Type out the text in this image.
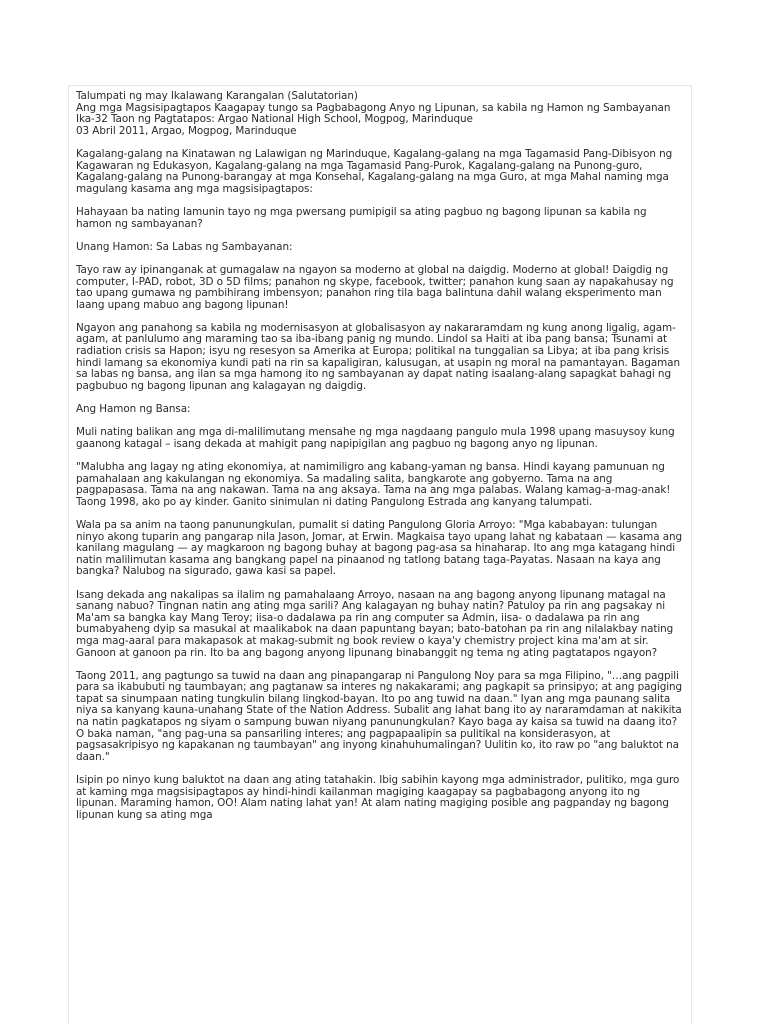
Talumpati ng may Ikalawang Karangalan (Salutatorian)
Ang mga Magsisipagtapos Kaagapay tungo sa Pagbabagong Anyo ng Lipunan, sa kabila ng Hamon ng Sambayanan
Ika-32 Taon ng Pagtatapos: Argao National High School, Mogpog, Marinduque
03 Abril 2011, Argao, Mogpog, Marinduque

Kagalang-galang na Kinatawan ng Lalawigan ng Marinduque, Kagalang-galang na mga Tagamasid Pang-Dibisyon ng Kagawaran ng Edukasyon, Kagalang-galang na mga Tagamasid Pang-Purok, Kagalang-galang na Punong-guro, Kagalang-galang na Punong-barangay at mga Konsehal, Kagalang-galang na mga Guro, at mga Mahal naming mga magulang kasama ang mga magsisipagtapos:

Hahayaan ba nating lamunin tayo ng mga pwersang pumipigil sa ating pagbuo ng bagong lipunan sa kabila ng hamon ng sambayanan?

Unang Hamon: Sa Labas ng Sambayanan:

Tayo raw ay ipinanganak at gumagalaw na ngayon sa moderno at global na daigdig. Moderno at global! Daigdig ng computer, I-PAD, robot, 3D o 5D films; panahon ng skype, facebook, twitter; panahon kung saan ay napakahusay ng tao upang gumawa ng pambihirang imbensyon; panahon ring tila baga balintuna dahil walang eksperimento man laang upang mabuo ang bagong lipunan!

Ngayon ang panahong sa kabila ng modernisasyon at globalisasyon ay nakararamdam ng kung anong ligalig, agam-agam, at panlulumo ang maraming tao sa iba-ibang panig ng mundo. Lindol sa Haiti at iba pang bansa; Tsunami at radiation crisis sa Hapon; isyu ng resesyon sa Amerika at Europa; politikal na tunggalian sa Libya; at iba pang krisis hindi lamang sa ekonomiya kundi pati na rin sa kapaligiran, kalusugan, at usapin ng moral na pamantayan. Bagaman sa labas ng bansa, ang ilan sa mga hamong ito ng sambayanan ay dapat nating isaalang-alang sapagkat bahagi ng pagbubuo ng bagong lipunan ang kalagayan ng daigdig.

Ang Hamon ng Bansa:

Muli nating balikan ang mga di-malilimutang mensahe ng mga nagdaang pangulo mula 1998 upang masuysoy kung gaanong katagal – isang dekada at mahigit pang napipigilan ang pagbuo ng bagong anyo ng lipunan.

"Malubha ang lagay ng ating ekonomiya, at namimiligro ang kabang-yaman ng bansa. Hindi kayang pamunuan ng pamahalaan ang kakulangan ng ekonomiya. Sa madaling salita, bangkarote ang gobyerno. Tama na ang pagpapasasa. Tama na ang nakawan. Tama na ang aksaya. Tama na ang mga palabas. Walang kamag-a-mag-anak! Taong 1998, ako po ay kinder. Ganito sinimulan ni dating Pangulong Estrada ang kanyang talumpati.

Wala pa sa anim na taong panunungkulan, pumalit si dating Pangulong Gloria Arroyo: "Mga kababayan: tulungan ninyo akong tuparin ang pangarap nila Jason, Jomar, at Erwin. Magkaisa tayo upang lahat ng kabataan — kasama ang kanilang magulang — ay magkaroon ng bagong buhay at bagong pag-asa sa hinaharap. Ito ang mga katagang hindi natin malilimutan kasama ang bangkang papel na pinaanod ng tatlong batang taga-Payatas. Nasaan na kaya ang bangka? Nalubog na sigurado, gawa kasi sa papel.

Isang dekada ang nakalipas sa ilalim ng pamahalaang Arroyo, nasaan na ang bagong anyong lipunang matagal na sanang nabuo? Tingnan natin ang ating mga sarili? Ang kalagayan ng buhay natin? Patuloy pa rin ang pagsakay ni Ma'am sa bangka kay Mang Teroy; iisa-o dadalawa pa rin ang computer sa Admin, iisa- o dadalawa pa rin ang bumabyaheng dyip sa masukal at maalikabok na daan papuntang bayan; bato-batohan pa rin ang nilalakbay nating mga mag-aaral para makapasok at makag-submit ng book review o kaya'y chemistry project kina ma'am at sir. Ganoon at ganoon pa rin. Ito ba ang bagong anyong lipunang binabanggit ng tema ng ating pagtatapos ngayon?

Taong 2011, ang pagtungo sa tuwid na daan ang pinapangarap ni Pangulong Noy para sa mga Filipino, "…ang pagpili para sa ikabubuti ng taumbayan; ang pagtanaw sa interes ng nakakarami; ang pagkapit sa prinsipyo; at ang pagiging tapat sa sinumpaan nating tungkulin bilang lingkod-bayan. Ito po ang tuwid na daan." Iyan ang mga paunang salita niya sa kanyang kauna-unahang State of the Nation Address. Subalit ang lahat bang ito ay nararamdaman at nakikita na natin pagkatapos ng siyam o sampung buwan niyang panunungkulan? Kayo baga ay kaisa sa tuwid na daang ito? O baka naman, "ang pag-una sa pansariling interes; ang pagpapaalipin sa pulitikal na konsiderasyon, at pagsasakripisyo ng kapakanan ng taumbayan" ang inyong kinahuhumalingan? Uulitin ko, ito raw po "ang baluktot na daan."

Isipin po ninyo kung baluktot na daan ang ating tatahakin. Ibig sabihin kayong mga administrador, pulitiko, mga guro at kaming mga magsisipagtapos ay hindi-hindi kailanman magiging kaagapay sa pagbabagong anyong ito ng lipunan. Maraming hamon, OO! Alam nating lahat yan! At alam nating magiging posible ang pagpanday ng bagong lipunan kung sa ating mga
